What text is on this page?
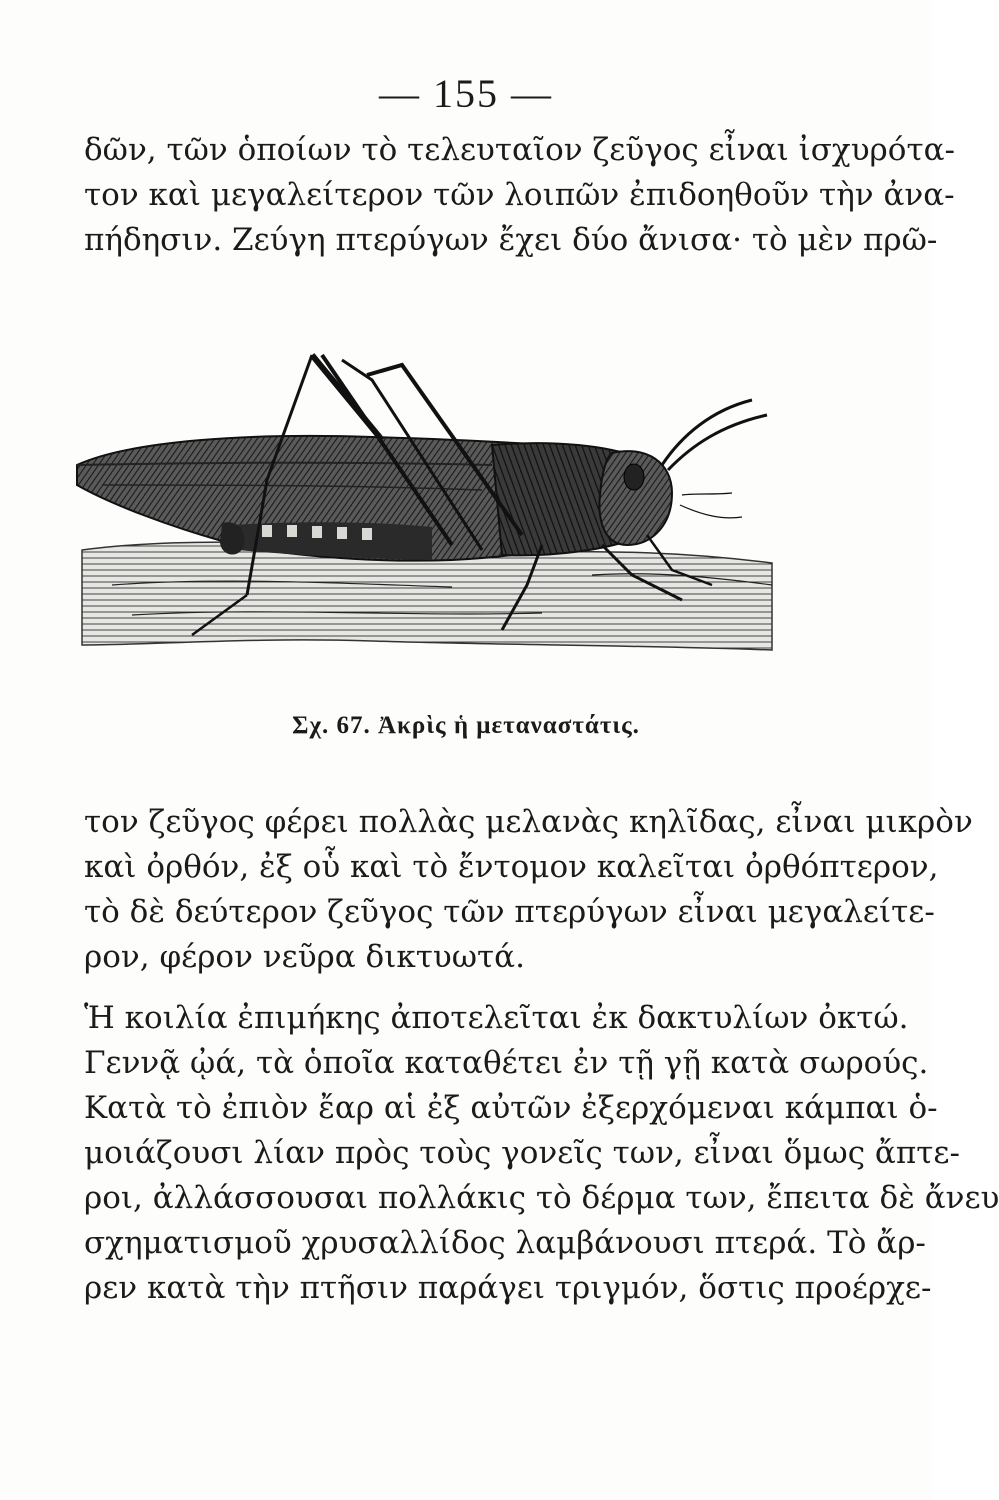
— 155 —
δῶν, τῶν ὁποίων τὸ τελευταῖον ζεῦγος εἶναι ἰσχυρότα-
τον καὶ μεγαλείτερον τῶν λοιπῶν ἐπιδοηθοῦν τὴν ἀνα-
πήδησιν. Ζεύγη πτερύγων ἔχει δύο ἄνισα· τὸ μὲν πρῶ-
Σχ. 67. Ἀκρὶς ἡ μεταναστάτις.
τον ζεῦγος φέρει πολλὰς μελανὰς κηλῖδας, εἶναι μικρὸν
καὶ ὀρθόν, ἐξ οὗ καὶ τὸ ἔντομον καλεῖται ὀρθόπτερον,
τὸ δὲ δεύτερον ζεῦγος τῶν πτερύγων εἶναι μεγαλείτε-
ρον, φέρον νεῦρα δικτυωτά.
Ἡ κοιλία ἐπιμήκης ἀποτελεῖται ἐκ δακτυλίων ὀκτώ.
Γεννᾷ ᾠά, τὰ ὁποῖα καταθέτει ἐν τῇ γῇ κατὰ σωρούς.
Κατὰ τὸ ἐπιὸν ἔαρ αἱ ἐξ αὐτῶν ἐξερχόμεναι κάμπαι ὁ-
μοιάζουσι λίαν πρὸς τοὺς γονεῖς των, εἶναι ὅμως ἄπτε-
ροι, ἀλλάσσουσαι πολλάκις τὸ δέρμα των, ἔπειτα δὲ ἄνευ
σχηματισμοῦ χρυσαλλίδος λαμβάνουσι πτερά. Τὸ ἄρ-
ρεν κατὰ τὴν πτῆσιν παράγει τριγμόν, ὅστις προέρχε-
